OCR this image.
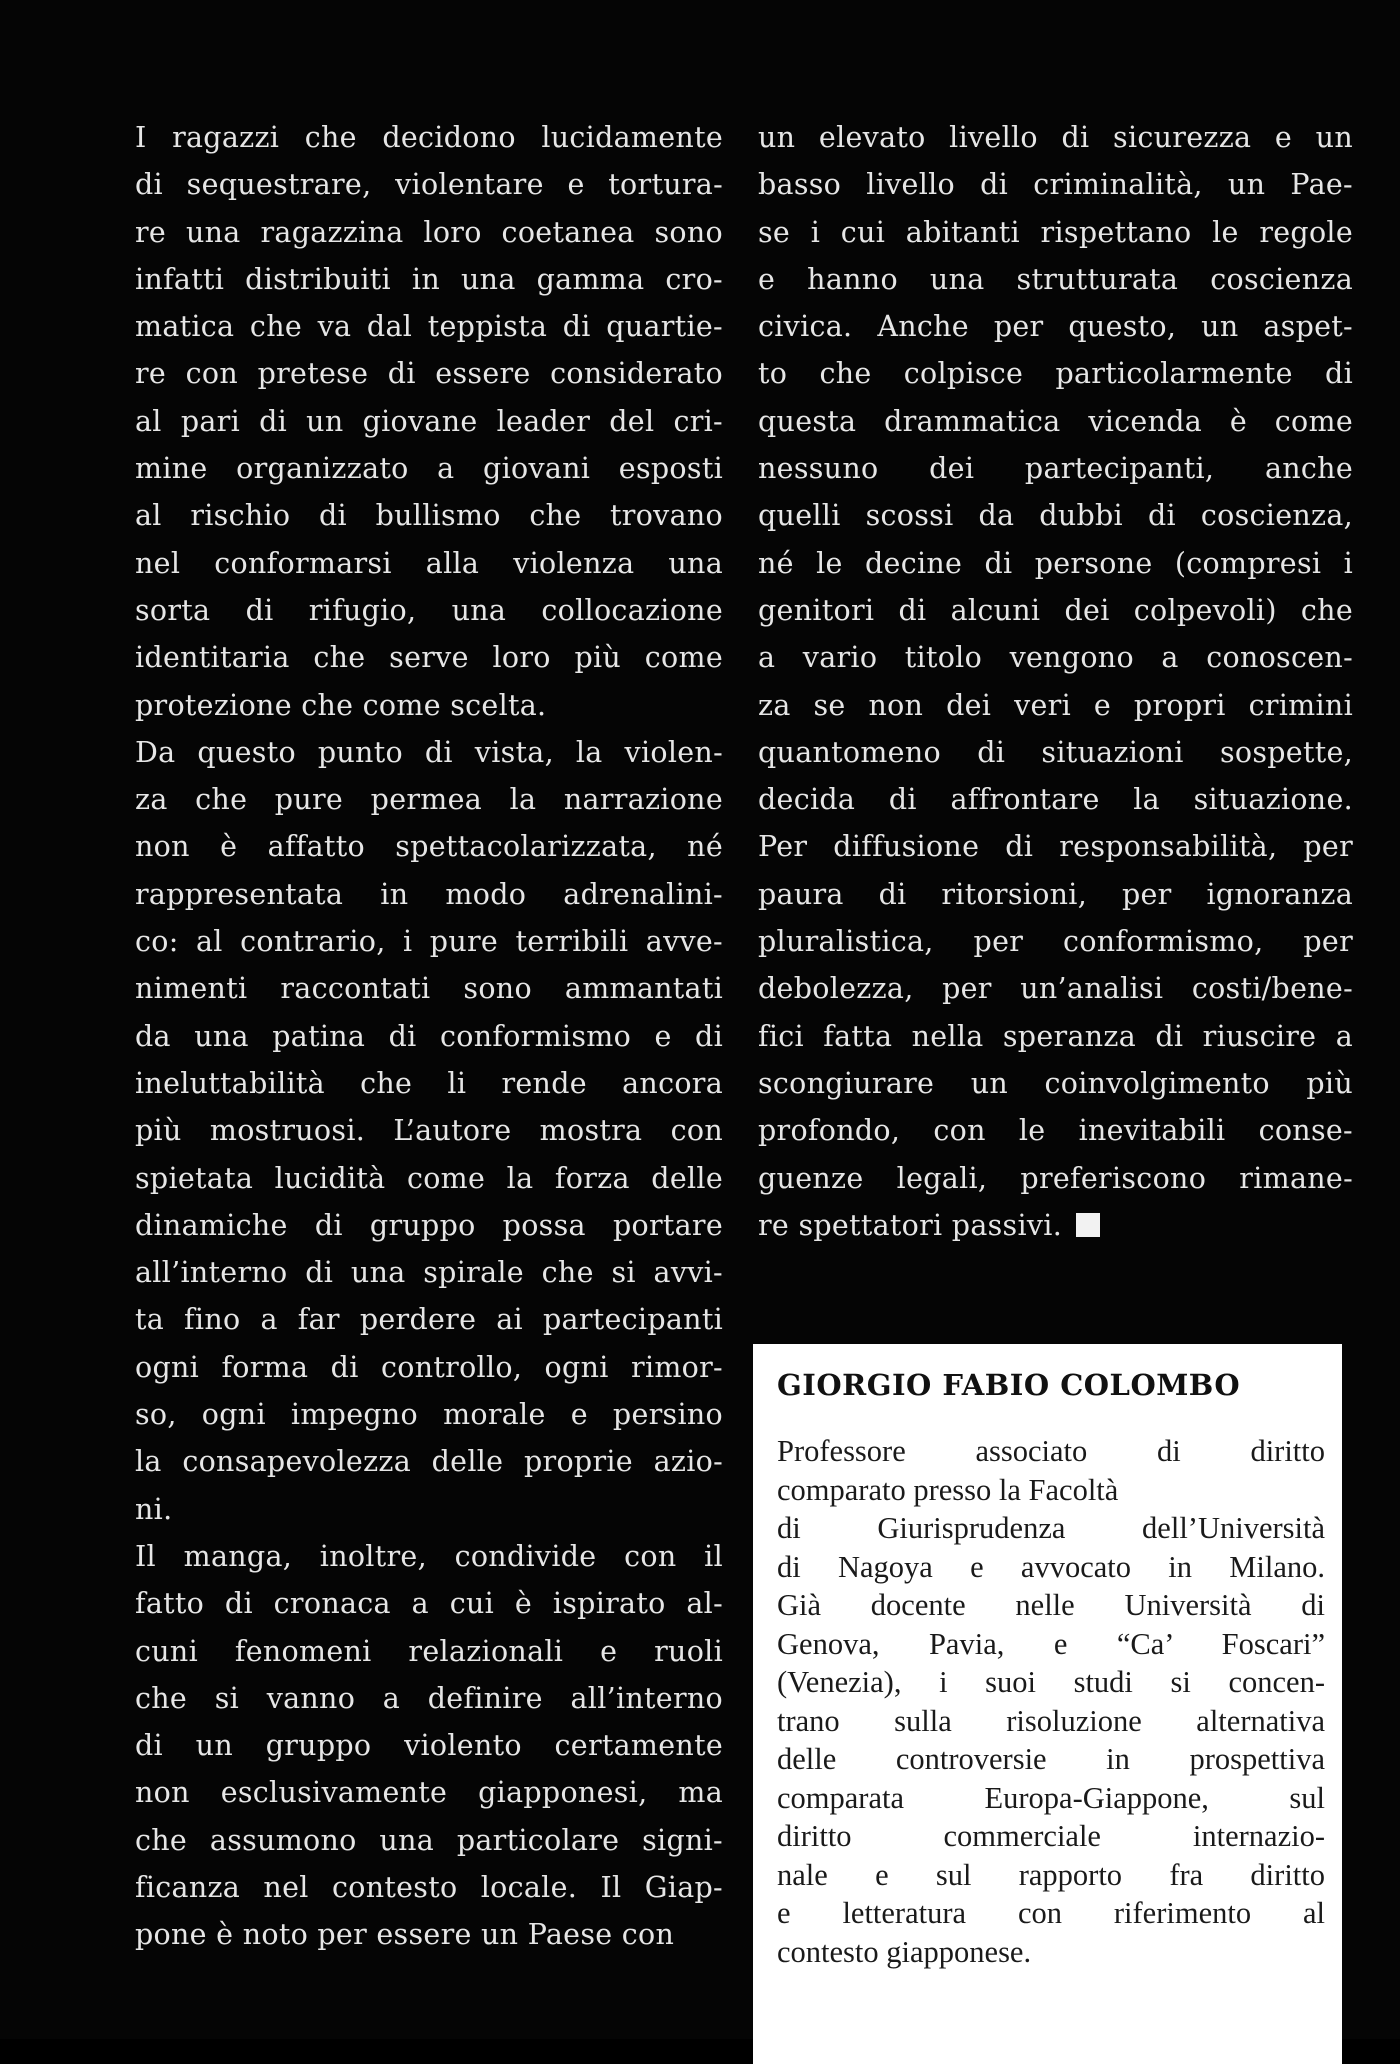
I ragazzi che decidono lucidamente
di sequestrare, violentare e tortura-
re una ragazzina loro coetanea sono
infatti distribuiti in una gamma cro-
matica che va dal teppista di quartie-
re con pretese di essere considerato
al pari di un giovane leader del cri-
mine organizzato a giovani esposti
al rischio di bullismo che trovano
nel conformarsi alla violenza una
sorta di rifugio, una collocazione
identitaria che serve loro più come
protezione che come scelta.
Da questo punto di vista, la violen-
za che pure permea la narrazione
non è affatto spettacolarizzata, né
rappresentata in modo adrenalini-
co: al contrario, i pure terribili avve-
nimenti raccontati sono ammantati
da una patina di conformismo e di
ineluttabilità che li rende ancora
più mostruosi. L’autore mostra con
spietata lucidità come la forza delle
dinamiche di gruppo possa portare
all’interno di una spirale che si avvi-
ta fino a far perdere ai partecipanti
ogni forma di controllo, ogni rimor-
so, ogni impegno morale e persino
la consapevolezza delle proprie azio-
ni.
Il manga, inoltre, condivide con il
fatto di cronaca a cui è ispirato al-
cuni fenomeni relazionali e ruoli
che si vanno a definire all’interno
di un gruppo violento certamente
non esclusivamente giapponesi, ma
che assumono una particolare signi-
ficanza nel contesto locale. Il Giap-
pone è noto per essere un Paese con
un elevato livello di sicurezza e un
basso livello di criminalità, un Pae-
se i cui abitanti rispettano le regole
e hanno una strutturata coscienza
civica. Anche per questo, un aspet-
to che colpisce particolarmente di
questa drammatica vicenda è come
nessuno dei partecipanti, anche
quelli scossi da dubbi di coscienza,
né le decine di persone (compresi i
genitori di alcuni dei colpevoli) che
a vario titolo vengono a conoscen-
za se non dei veri e propri crimini
quantomeno di situazioni sospette,
decida di affrontare la situazione.
Per diffusione di responsabilità, per
paura di ritorsioni, per ignoranza
pluralistica, per conformismo, per
debolezza, per un’analisi costi/bene-
fici fatta nella speranza di riuscire a
scongiurare un coinvolgimento più
profondo, con le inevitabili conse-
guenze legali, preferiscono rimane-
re spettatori passivi.
GIORGIO FABIO COLOMBO
Professore associato di diritto
comparato presso la Facoltà
di Giurisprudenza dell’Università
di Nagoya e avvocato in Milano.
Già docente nelle Università di
Genova, Pavia, e “Ca’ Foscari”
(Venezia), i suoi studi si concen-
trano sulla risoluzione alternativa
delle controversie in prospettiva
comparata Europa-Giappone, sul
diritto commerciale internazio-
nale e sul rapporto fra diritto
e letteratura con riferimento al
contesto giapponese.
